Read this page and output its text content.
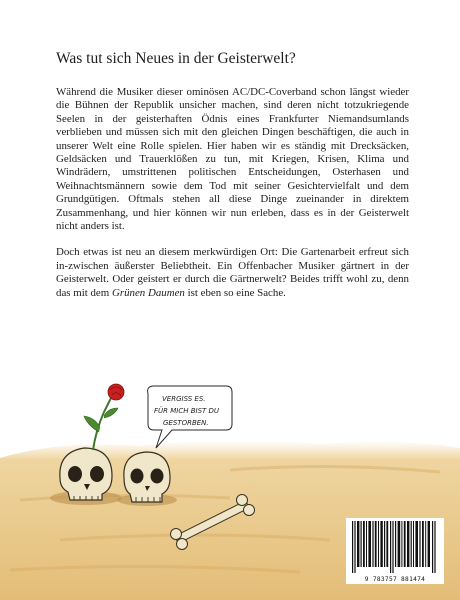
Was tut sich Neues in der Geisterwelt?

Während die Musiker dieser ominösen AC/DC-Coverband schon längst wieder die Bühnen der Republik unsicher machen, sind deren nicht totzukriegende Seelen in der geisterhaften Ödnis eines Frankfurter Niemandsumlands verblieben und müssen sich mit den gleichen Dingen beschäftigen, die auch in unserer Welt eine Rolle spielen. Hier haben wir es ständig mit Drecksäcken, Geldsäcken und Trauerklößen zu tun, mit Kriegen, Krisen, Klima und Windrädern, umstrittenen politischen Entscheidungen, Osterhasen und Weihnachtsmännern sowie dem Tod mit seiner Gesichtervielfalt und dem Grundgütigen. Oftmals stehen all diese Dinge zueinander in direktem Zusammenhang, und hier können wir nun erleben, dass es in der Geisterwelt nicht anders ist.

Doch etwas ist neu an diesem merkwürdigen Ort: Die Gartenarbeit erfreut sich in-zwischen äußerster Beliebtheit. Ein Offenbacher Musiker gärtnert in der Geisterwelt. Oder geistert er durch die Gärtnerwelt? Beides trifft wohl zu, denn das mit dem Grünen Daumen ist eben so eine Sache.

VERGISS ES.
FÜR MICH BIST DU
GESTORBEN.
9 783757 881474
